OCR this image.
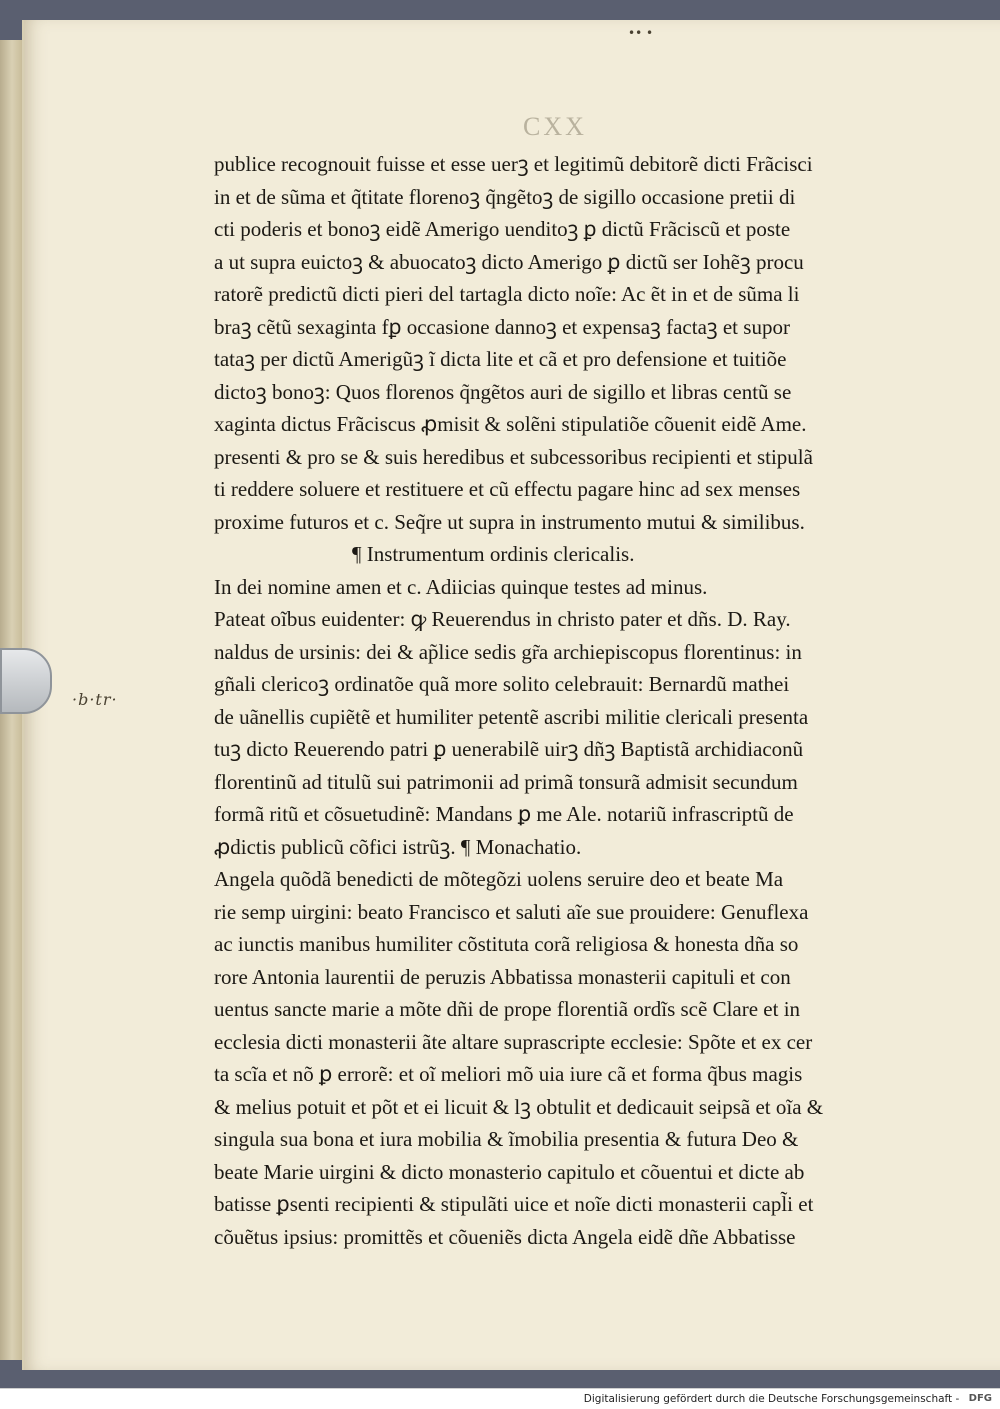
•• •
·b·tr·
CXX
publice recognouit fuisse et esse uerꝫ et legitimũ debitorẽ dicti Frãcisci
in et de sũma et q̃titate florenoꝫ q̃ngẽtoꝫ de sigillo occasione pretii di
cti poderis et bonoꝫ eidẽ Amerigo uenditoꝫ ꝑ dictũ Frãciscũ et poste
a ut supra euictoꝫ & abuocatoꝫ dicto Amerigo ꝑ dictũ ser Iohẽꝫ procu
ratorẽ predictũ dicti pieri del tartagla dicto noĩe: Ac ẽt in et de sũma li
braꝫ cẽtũ sexaginta fꝑ occasione dannoꝫ et expensaꝫ factaꝫ et supor
tataꝫ per dictũ Amerigũꝫ ĩ dicta lite et cã et pro defensione et tuitiõe
dictoꝫ bonoꝫ: Quos florenos q̃ngẽtos auri de sigillo et libras centũ se
xaginta dictus Frãciscus ꝓmisit & solẽni stipulatiõe cõuenit eidẽ Ame.
presenti & pro se & suis heredibus et subcessoribus recipienti et stipulã
ti reddere soluere et restituere et cũ effectu pagare hinc ad sex menses
proxime futuros et c. Seq̃re ut supra in instrumento mutui & similibus.
¶ Instrumentum ordinis clericalis.
In dei nomine amen et c. Adiicias quinque testes ad minus.
Pateat oĩbus euidenter: ꝙ Reuerendus in christo pater et dñs. D. Ray.
naldus de ursinis: dei & ap̃lice sedis gr̃a archiepiscopus florentinus: in
gñali clericoꝫ ordinatõe quã more solito celebrauit: Bernardũ mathei
de uãnellis cupiẽtẽ et humiliter petentẽ ascribi militie clericali presenta
tuꝫ dicto Reuerendo patri ꝑ uenerabilẽ uirꝫ dñꝫ Baptistã archidiaconũ
florentinũ ad titulũ sui patrimonii ad primã tonsurã admisit secundum
formã ritũ et cõsuetudinẽ: Mandans ꝑ me Ale. notariũ infrascriptũ de
ꝓdictis publicũ cõfici istrũꝫ. ¶ Monachatio.
Angela quõdã benedicti de mõtegõzi uolens seruire deo et beate Ma
rie semp uirgini: beato Francisco et saluti aĩe sue prouidere: Genuflexa
ac iunctis manibus humiliter cõstituta corã religiosa & honesta dña so
rore Antonia laurentii de peruzis Abbatissa monasterii capituli et con
uentus sancte marie a mõte dñi de prope florentiã ordĩs scẽ Clare et in
ecclesia dicti monasterii ãte altare suprascripte ecclesie: Spõte et ex cer
ta scĩa et nõ ꝑ errorẽ: et oĩ meliori mõ uia iure cã et forma q̃bus magis
& melius potuit et põt et ei licuit & lꝫ obtulit et dedicauit seipsã et oĩa &
singula sua bona et iura mobilia & ĩmobilia presentia & futura Deo &
beate Marie uirgini & dicto monasterio capitulo et cõuentui et dicte ab
batisse ꝑsenti recipienti & stipulãti uice et noĩe dicti monasterii capl̃i et
cõuẽtus ipsius: promittẽs et cõueniẽs dicta Angela eidẽ dñe Abbatisse
Digitalisierung gefördert durch die Deutsche Forschungsgemeinschaft - DFG
